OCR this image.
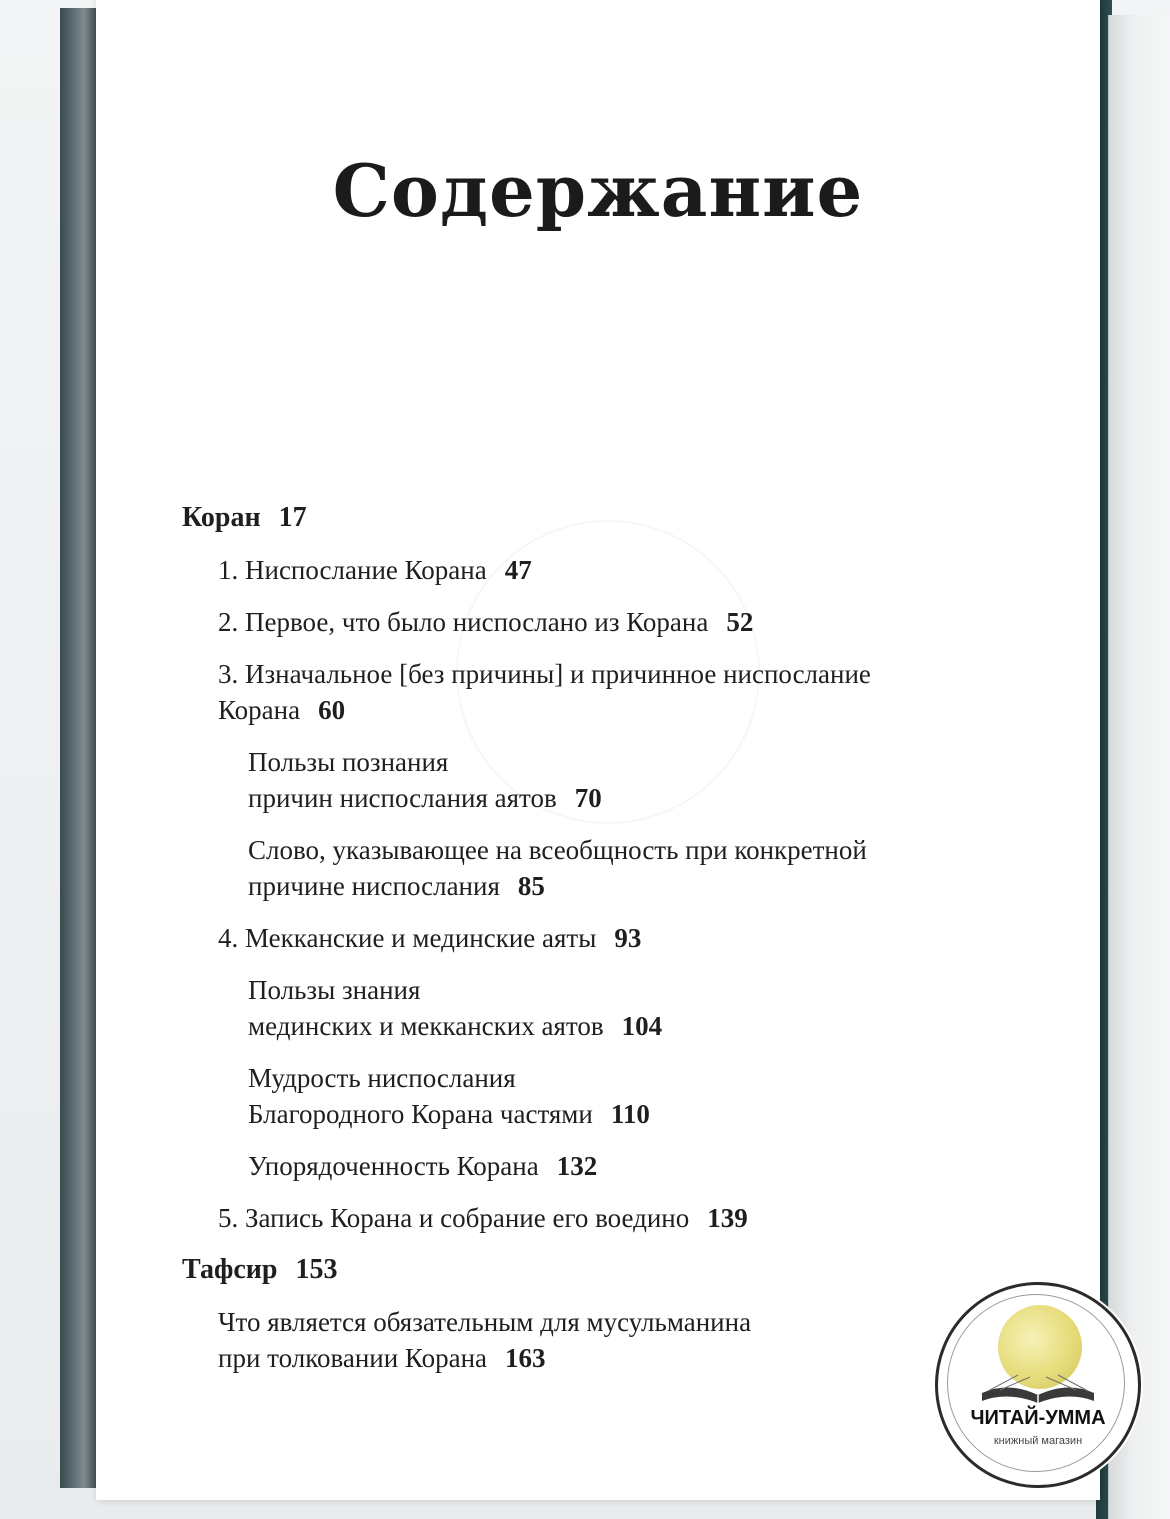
Содержание

Коран 17

1. Ниспослание Корана 47

2. Первое, что было ниспослано из Корана 52

3. Изначальное [без причины] и причинное ниспослание
Корана 60

Пользы познания
причин ниспослания аятов 70

Слово, указывающее на всеобщность при конкретной
причине ниспослания 85

4. Мекканские и мединские аяты 93

Пользы знания
мединских и мекканских аятов 104

Мудрость ниспослания
Благородного Корана частями 110

Упорядоченность Корана 132

5. Запись Корана и собрание его воедино 139

Тафсир 153

Что является обязательным для мусульманина
при толковании Корана 163

ЧИТАЙ-УММА
книжный магазин
